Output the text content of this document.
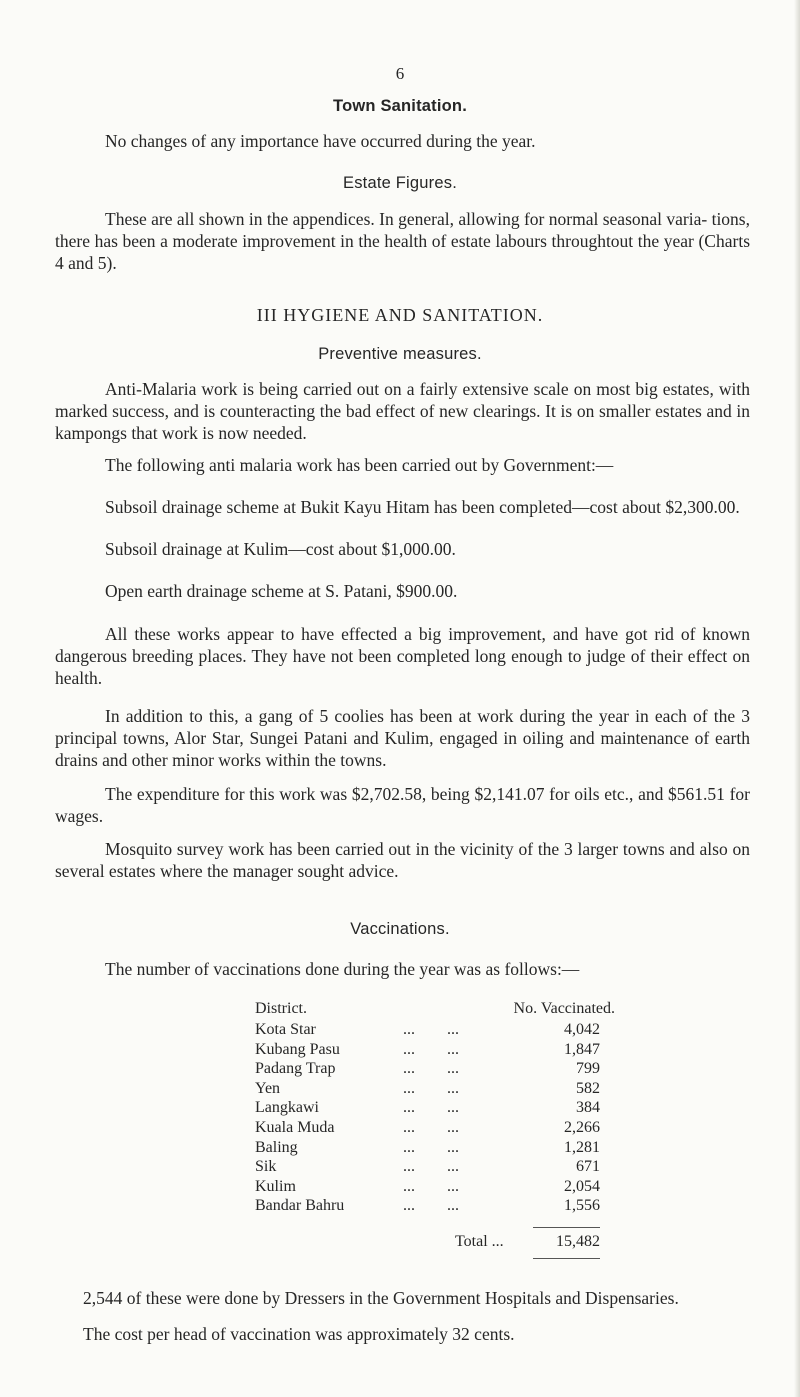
6
Town Sanitation.
No changes of any importance have occurred during the year.
Estate Figures.
These are all shown in the appendices. In general, allowing for normal seasonal varia- tions, there has been a moderate improvement in the health of estate labours throughtout the year (Charts 4 and 5).
III HYGIENE AND SANITATION.
Preventive measures.
Anti-Malaria work is being carried out on a fairly extensive scale on most big estates, with marked success, and is counteracting the bad effect of new clearings. It is on smaller estates and in kampongs that work is now needed.
The following anti malaria work has been carried out by Government:—
Subsoil drainage scheme at Bukit Kayu Hitam has been completed—cost about $2,300.00.
Subsoil drainage at Kulim—cost about $1,000.00.
Open earth drainage scheme at S. Patani, $900.00.
All these works appear to have effected a big improvement, and have got rid of known dangerous breeding places. They have not been completed long enough to judge of their effect on health.
In addition to this, a gang of 5 coolies has been at work during the year in each of the 3 principal towns, Alor Star, Sungei Patani and Kulim, engaged in oiling and maintenance of earth drains and other minor works within the towns.
The expenditure for this work was $2,702.58, being $2,141.07 for oils etc., and $561.51 for wages.
Mosquito survey work has been carried out in the vicinity of the 3 larger towns and also on several estates where the manager sought advice.
Vaccinations.
The number of vaccinations done during the year was as follows:—
District.	No. Vaccinated.
Kota Star	... ...	4,042
Kubang Pasu	... ...	1,847
Padang Trap	... ...	799
Yen	... ...	582
Langkawi	... ...	384
Kuala Muda	... ...	2,266
Baling	... ...	1,281
Sik	... ...	671
Kulim	... ...	2,054
Bandar Bahru	... ...	1,556
Total ...	15,482
2,544 of these were done by Dressers in the Government Hospitals and Dispensaries.
The cost per head of vaccination was approximately 32 cents.
